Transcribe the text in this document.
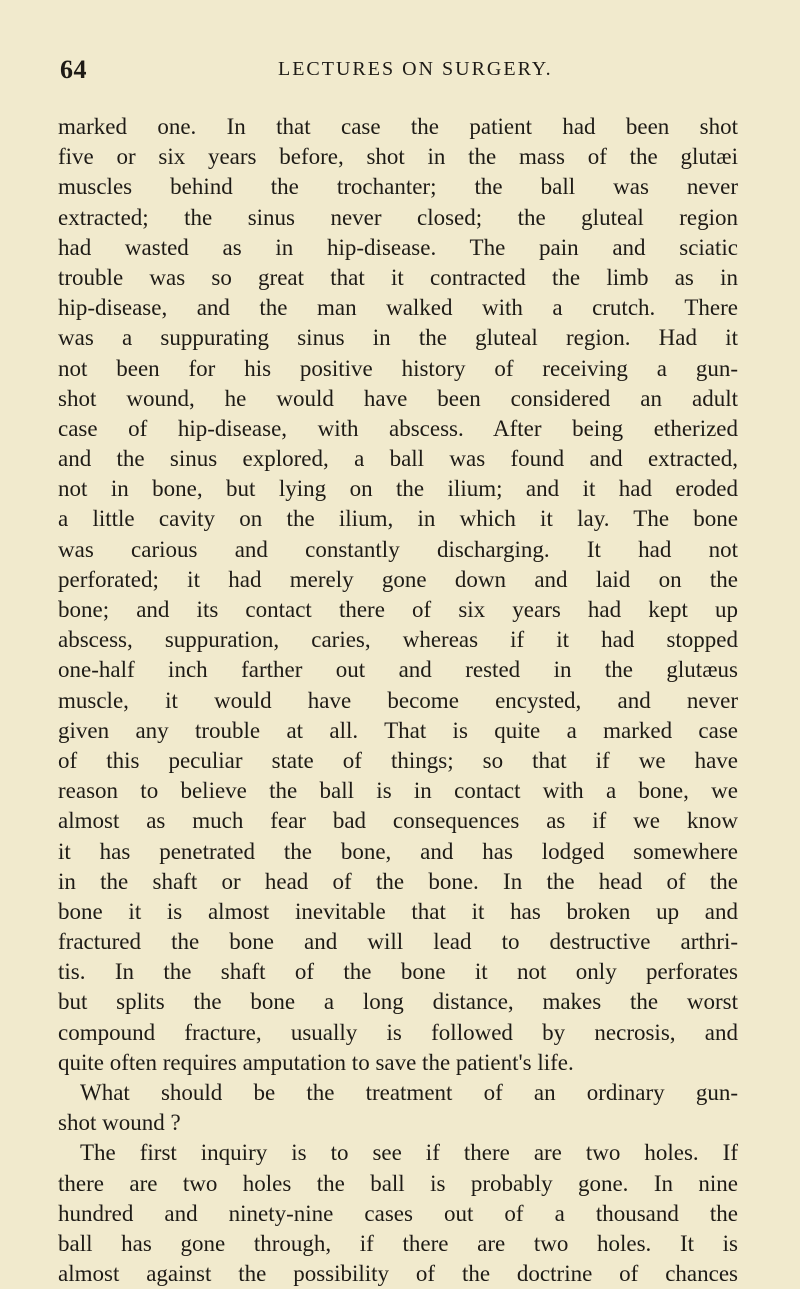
64	LECTURES ON SURGERY.
marked one. In that case the patient had been shot
five or six years before, shot in the mass of the glutæi
muscles behind the trochanter; the ball was never
extracted; the sinus never closed; the gluteal region
had wasted as in hip-disease. The pain and sciatic
trouble was so great that it contracted the limb as in
hip-disease, and the man walked with a crutch. There
was a suppurating sinus in the gluteal region. Had it
not been for his positive history of receiving a gun-
shot wound, he would have been considered an adult
case of hip-disease, with abscess. After being etherized
and the sinus explored, a ball was found and extracted,
not in bone, but lying on the ilium; and it had eroded
a little cavity on the ilium, in which it lay. The bone
was carious and constantly discharging. It had not
perforated; it had merely gone down and laid on the
bone; and its contact there of six years had kept up
abscess, suppuration, caries, whereas if it had stopped
one-half inch farther out and rested in the glutæus
muscle, it would have become encysted, and never
given any trouble at all. That is quite a marked case
of this peculiar state of things; so that if we have
reason to believe the ball is in contact with a bone, we
almost as much fear bad consequences as if we know
it has penetrated the bone, and has lodged somewhere
in the shaft or head of the bone. In the head of the
bone it is almost inevitable that it has broken up and
fractured the bone and will lead to destructive arthri-
tis. In the shaft of the bone it not only perforates
but splits the bone a long distance, makes the worst
compound fracture, usually is followed by necrosis, and
quite often requires amputation to save the patient's life.
What should be the treatment of an ordinary gun-
shot wound ?
The first inquiry is to see if there are two holes. If
there are two holes the ball is probably gone. In nine
hundred and ninety-nine cases out of a thousand the
ball has gone through, if there are two holes. It is
almost against the possibility of the doctrine of chances
